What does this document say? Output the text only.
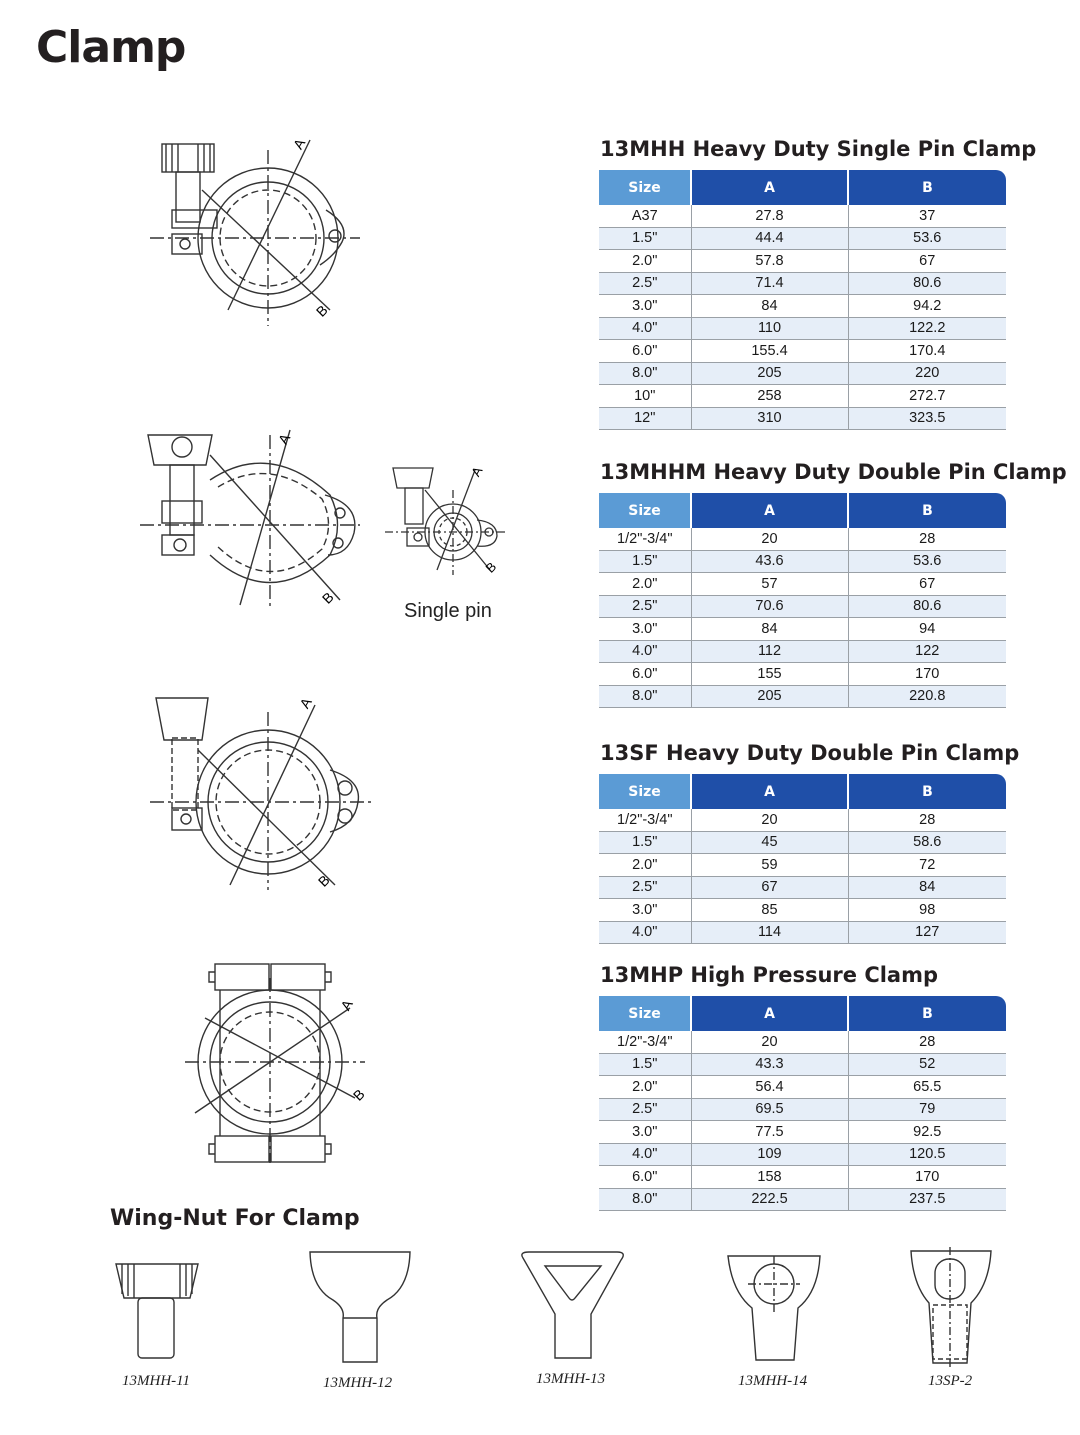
Clamp
13MHH Heavy Duty Single Pin Clamp
13MHHM Heavy Duty Double Pin Clamp
13SF Heavy Duty Double Pin Clamp
13MHP High Pressure Clamp
Size	A	B
A37	27.8	37
1.5"	44.4	53.6
2.0"	57.8	67
2.5"	71.4	80.6
3.0"	84	94.2
4.0"	110	122.2
6.0"	155.4	170.4
8.0"	205	220
10"	258	272.7
12"	310	323.5
Size	A	B
1/2"-3/4"	20	28
1.5"	43.6	53.6
2.0"	57	67
2.5"	70.6	80.6
3.0"	84	94
4.0"	112	122
6.0"	155	170
8.0"	205	220.8
Size	A	B
1/2"-3/4"	20	28
1.5"	45	58.6
2.0"	59	72
2.5"	67	84
3.0"	85	98
4.0"	114	127
Size	A	B
1/2"-3/4"	20	28
1.5"	43.3	52
2.0"	56.4	65.5
2.5"	69.5	79
3.0"	77.5	92.5
4.0"	109	120.5
6.0"	158	170
8.0"	222.5	237.5
A
B
A
B
A
B
Single pin
A
B
A
B
Wing-Nut For Clamp
13MHH-11	13MHH-12	13MHH-13	13MHH-14	13SP-2
